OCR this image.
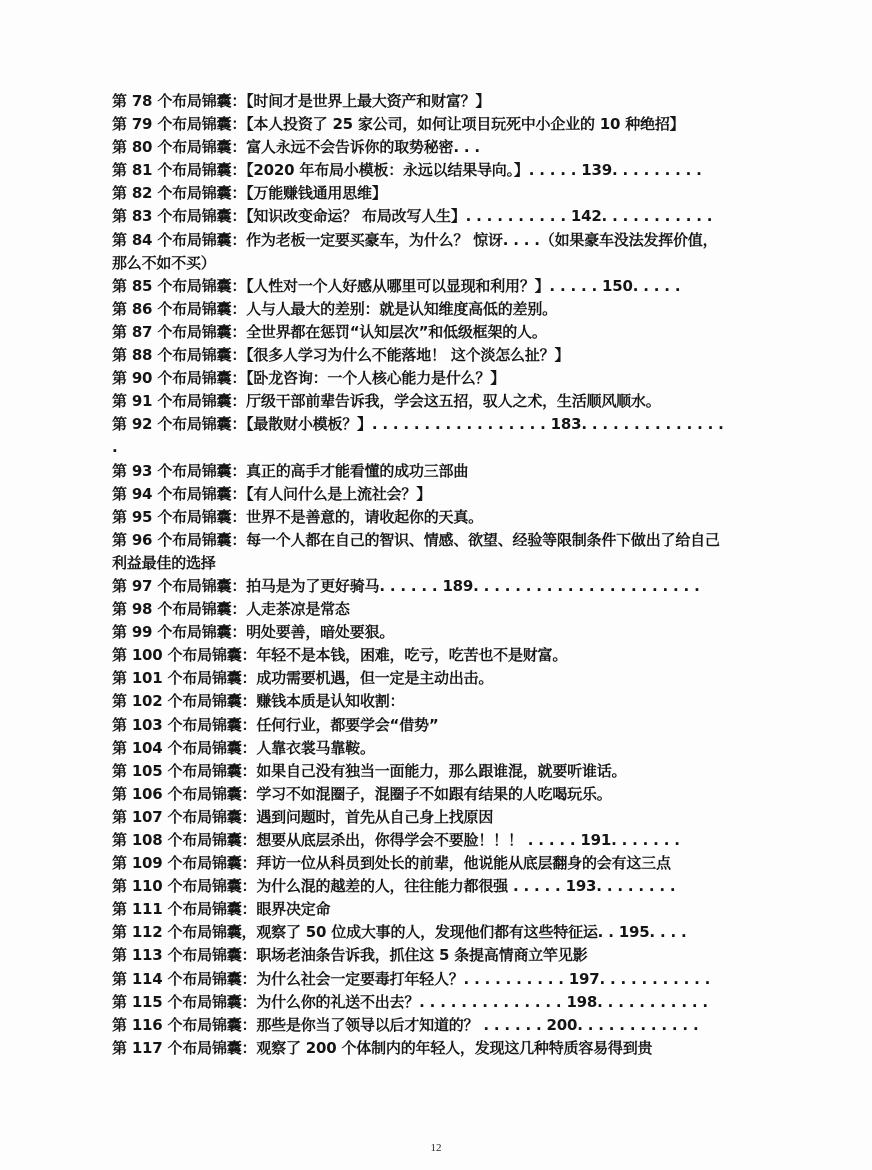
第 78 个布局锦囊：【时间才是世界上最大资产和财富？】
第 79 个布局锦囊：【本人投资了 25 家公司，如何让项目玩死中小企业的 10 种绝招】
第 80 个布局锦囊：富人永远不会告诉你的取势秘密. . .
第 81 个布局锦囊：【2020 年布局小模板：永远以结果导向。】. . . . . 139. . . . . . . . .
第 82 个布局锦囊：【万能赚钱通用思维】
第 83 个布局锦囊：【知识改变命运？ 布局改写人生】. . . . . . . . . . 142. . . . . . . . . . .
第 84 个布局锦囊：作为老板一定要买豪车，为什么？ 惊讶. . . .（如果豪车没法发挥价值，那么不如不买）
第 85 个布局锦囊：【人性对一个人好感从哪里可以显现和利用？】. . . . . 150. . . . .
第 86 个布局锦囊：人与人最大的差别：就是认知维度高低的差别。
第 87 个布局锦囊：全世界都在惩罚“认知层次”和低级框架的人。
第 88 个布局锦囊：【很多人学习为什么不能落地！ 这个淡怎么扯？】
第 90 个布局锦囊：【卧龙咨询：一个人核心能力是什么？】
第 91 个布局锦囊：厅级干部前辈告诉我，学会这五招，驭人之术，生活顺风顺水。
第 92 个布局锦囊：【最散财小模板？】. . . . . . . . . . . . . . . . . 183. . . . . . . . . . . . . . .
第 93 个布局锦囊：真正的高手才能看懂的成功三部曲
第 94 个布局锦囊：【有人问什么是上流社会？】
第 95 个布局锦囊：世界不是善意的，请收起你的天真。
第 96 个布局锦囊：每一个人都在自己的智识、情感、欲望、经验等限制条件下做出了给自己利益最佳的选择
第 97 个布局锦囊：拍马是为了更好骑马. . . . . . 189. . . . . . . . . . . . . . . . . . . . . .
第 98 个布局锦囊：人走茶凉是常态
第 99 个布局锦囊：明处要善，暗处要狠。
第 100 个布局锦囊：年轻不是本钱，困难，吃亏，吃苦也不是财富。
第 101 个布局锦囊：成功需要机遇，但一定是主动出击。
第 102 个布局锦囊：赚钱本质是认知收割：
第 103 个布局锦囊：任何行业，都要学会“借势”
第 104 个布局锦囊：人靠衣裳马靠鞍。
第 105 个布局锦囊：如果自己没有独当一面能力，那么跟谁混，就要听谁话。
第 106 个布局锦囊：学习不如混圈子，混圈子不如跟有结果的人吃喝玩乐。
第 107 个布局锦囊：遇到问题时，首先从自己身上找原因
第 108 个布局锦囊：想要从底层杀出，你得学会不要脸！！！ . . . . . 191. . . . . . .
第 109 个布局锦囊：拜访一位从科员到处长的前辈，他说能从底层翻身的会有这三点
第 110 个布局锦囊：为什么混的越差的人，往往能力都很强 . . . . . 193. . . . . . . .
第 111 个布局锦囊：眼界决定命
第 112 个布局锦囊，观察了 50 位成大事的人，发现他们都有这些特征运. . 195. . . .
第 113 个布局锦囊：职场老油条告诉我，抓住这 5 条提高情商立竿见影
第 114 个布局锦囊：为什么社会一定要毒打年轻人？. . . . . . . . . . 197. . . . . . . . . . .
第 115 个布局锦囊：为什么你的礼送不出去？. . . . . . . . . . . . . . 198. . . . . . . . . . .
第 116 个布局锦囊：那些是你当了领导以后才知道的？ . . . . . . 200. . . . . . . . . . . .
第 117 个布局锦囊：观察了 200 个体制内的年轻人，发现这几种特质容易得到贵
12
